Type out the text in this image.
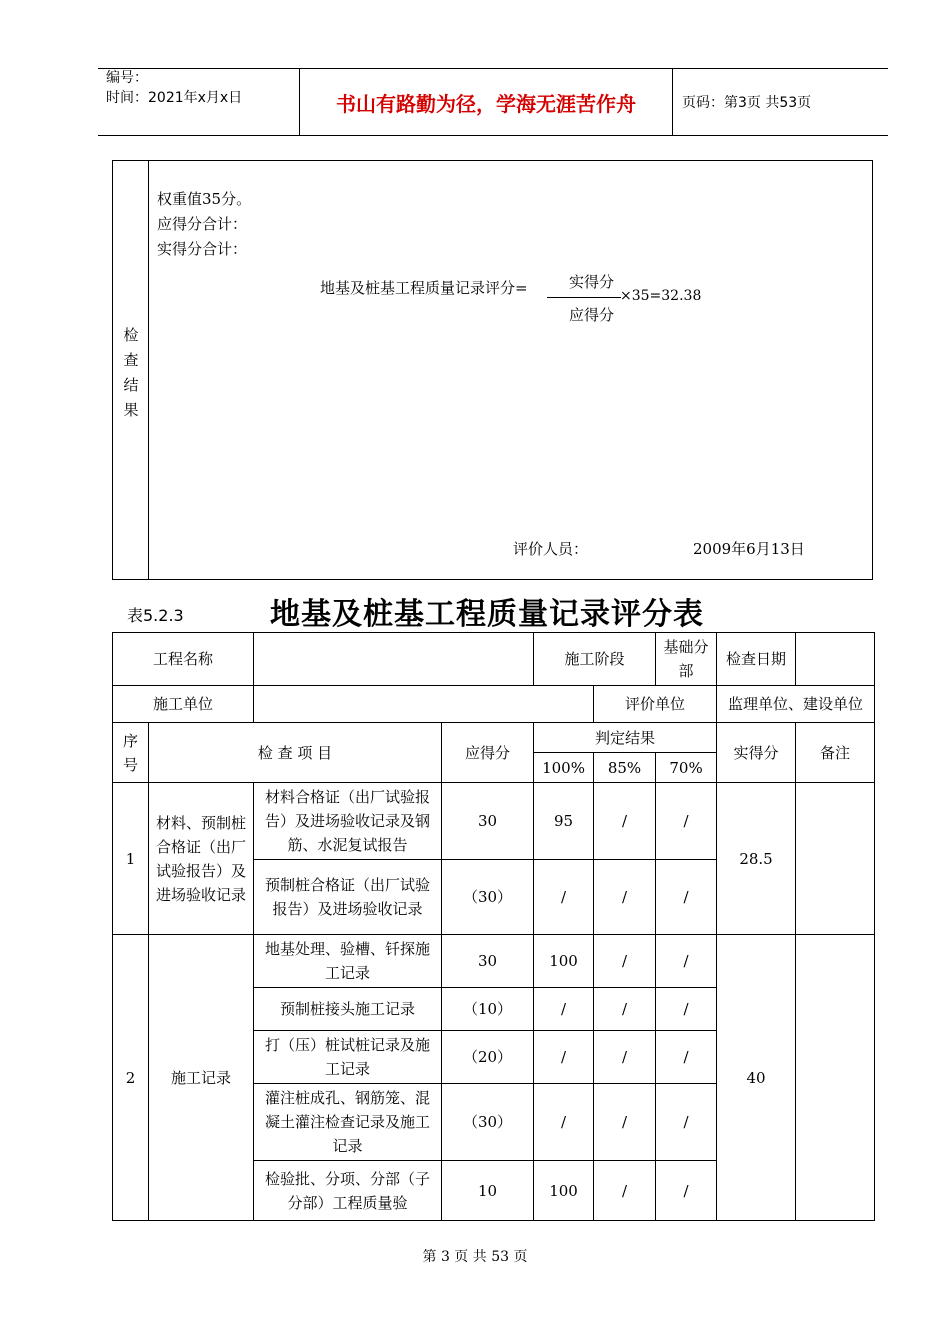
编号：
时间：2021年x月x日	书山有路勤为径，学海无涯苦作舟	页码：第3页 共53页
检
查
结
果
权重值35分。
应得分合计：
实得分合计：
地基及桩基工程质量记录评分=	实得分
应得分
×35=32.38
评价人员：	2009年6月13日
表5.2.3	地基及桩基工程质量记录评分表
工程名称				施工阶段		基础分部	检查日期	
施工单位					评价单位		监理单位、建设单位	
序号	检 查 项 目		应得分	判定结果			实得分	备注
				100%	85%	70%		
1	材料、预制桩合格证（出厂试验报告）及进场验收记录	材料合格证（出厂试验报告）及进场验收记录及钢筋、水泥复试报告	30	95	/	/	28.5	
		预制桩合格证（出厂试验报告）及进场验收记录	（30）	/	/	/		
2	施工记录	地基处理、验槽、钎探施工记录	30	100	/	/	40	
		预制桩接头施工记录	（10）	/	/	/		
		打（压）桩试桩记录及施工记录	（20）	/	/	/		
		灌注桩成孔、钢筋笼、混凝土灌注检查记录及施工记录	（30）	/	/	/		
		检验批、分项、分部（子分部）工程质量验	10	100	/	/		
第 3 页 共 53 页
